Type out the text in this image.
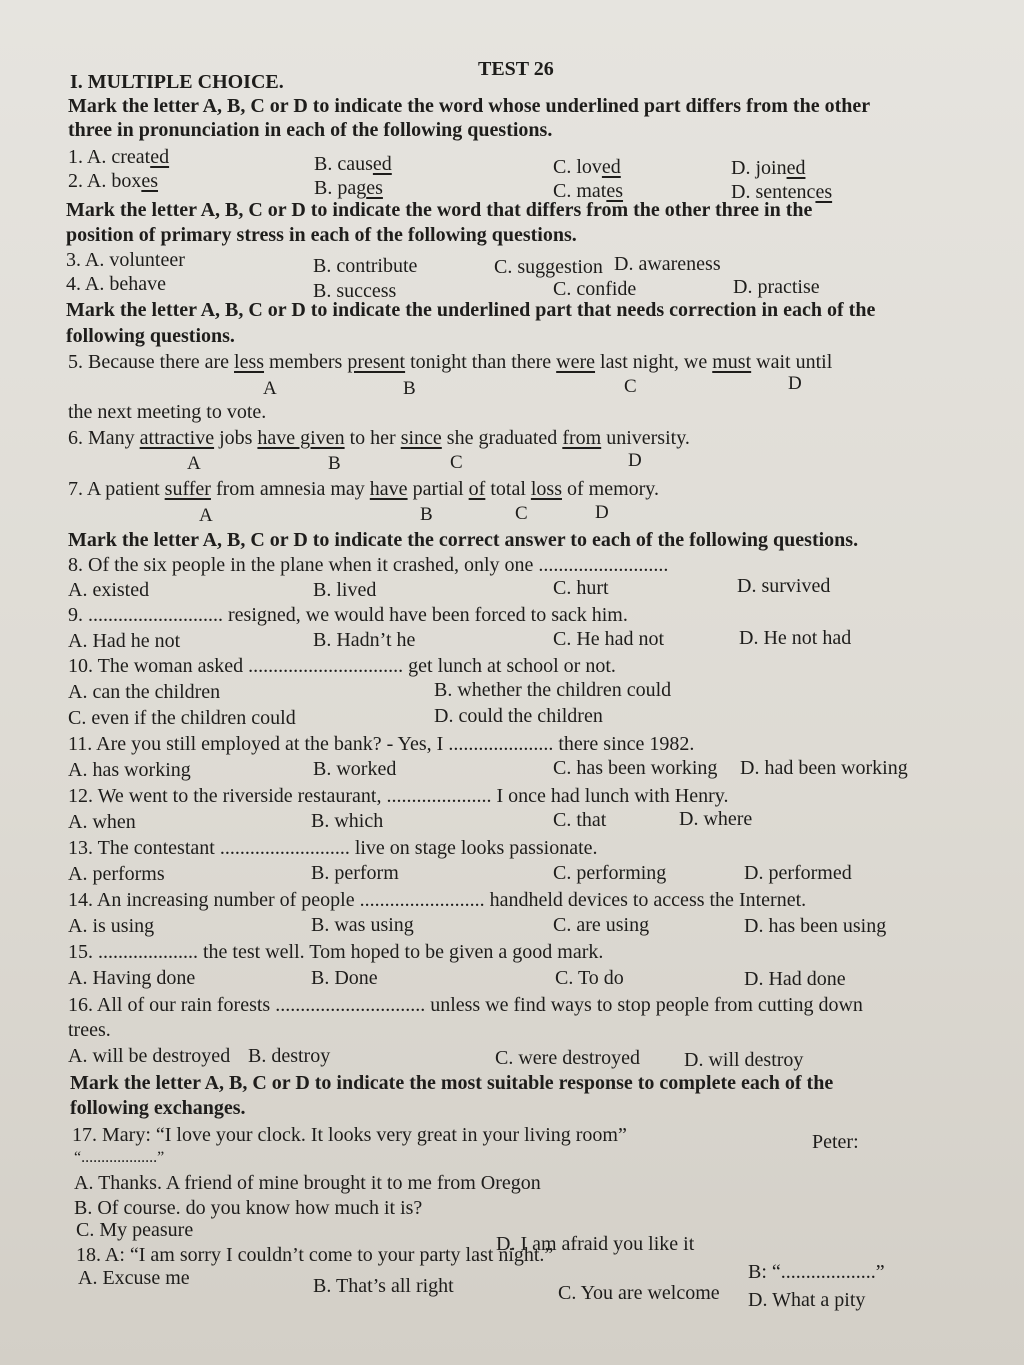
TEST 26
I. MULTIPLE CHOICE.
Mark the letter A, B, C or D to indicate the word whose underlined part differs from the other
three in pronunciation in each of the following questions.
1. A. created	B. caused	C. loved	D. joined
2. A. boxes	B. pages	C. mates	D. sentences
Mark the letter A, B, C or D to indicate the word that differs from the other three in the
position of primary stress in each of the following questions.
3. A. volunteer	B. contribute	C. suggestion D. awareness
4. A. behave	B. success	C. confide	D. practise
Mark the letter A, B, C or D to indicate the underlined part that needs correction in each of the
following questions.
5. Because there are less members present tonight than there were last night, we must wait until
A	B	C	D
the next meeting to vote.
6. Many attractive jobs have given to her since she graduated from university.
A	B	C	D
7. A patient suffer from amnesia may have partial of total loss of memory.
A	B	C	D
Mark the letter A, B, C or D to indicate the correct answer to each of the following questions.
8. Of the six people in the plane when it crashed, only one ..........................
A. existed	B. lived	C. hurt	D. survived
9. ........................... resigned, we would have been forced to sack him.
A. Had he not	B. Hadn’t he	C. He had not	D. He not had
10. The woman asked ............................... get lunch at school or not.
A. can the children	B. whether the children could
C. even if the children could	D. could the children
11. Are you still employed at the bank? - Yes, I ..................... there since 1982.
A. has working	B. worked	C. has been working D. had been working
12. We went to the riverside restaurant, ..................... I once had lunch with Henry.
A. when	B. which	C. that	D. where
13. The contestant .......................... live on stage looks passionate.
A. performs	B. perform	C. performing	D. performed
14. An increasing number of people ......................... handheld devices to access the Internet.
A. is using	B. was using	C. are using	D. has been using
15. .................... the test well. Tom hoped to be given a good mark.
A. Having done	B. Done	C. To do	D. Had done
16. All of our rain forests .............................. unless we find ways to stop people from cutting down
trees.
A. will be destroyed B. destroy	C. were destroyed D. will destroy
Mark the letter A, B, C or D to indicate the most suitable response to complete each of the
following exchanges.
17. Mary: “I love your clock. It looks very great in your living room”	Peter:
“...................”
A. Thanks. A friend of mine brought it to me from Oregon
B. Of course. do you know how much it is?
C. My peasure
D. I am afraid you like it
18. A: “I am sorry I couldn’t come to your party last night.”
B: “...................”
A. Excuse me	B. That’s all right	C. You are welcome D. What a pity
